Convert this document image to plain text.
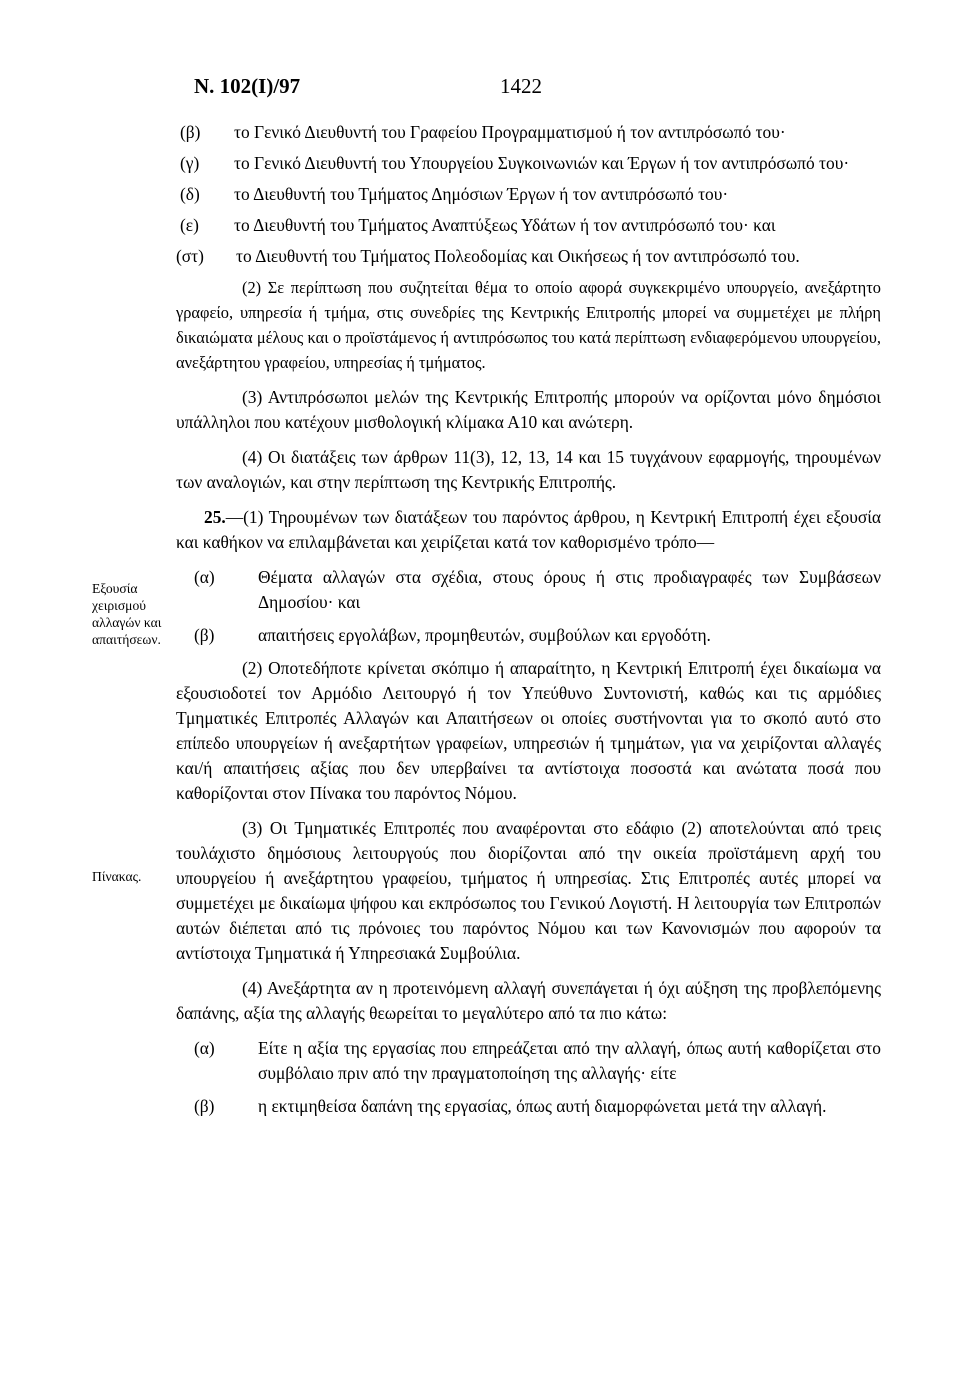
Ν. 102(Ι)/97	1422
Εξουσία χειρισμού αλλαγών και απαιτήσεων.
Πίνακας.
(β)	το Γενικό Διευθυντή του Γραφείου Προγραμματισμού ή τον αντιπρόσωπό του·
(γ)	το Γενικό Διευθυντή του Υπουργείου Συγκοινωνιών και Έργων ή τον αντιπρόσωπό του·
(δ)	το Διευθυντή του Τμήματος Δημόσιων Έργων ή τον αντιπρόσωπό του·
(ε)	το Διευθυντή του Τμήματος Αναπτύξεως Υδάτων ή τον αντιπρόσωπό του· και
(στ)	το Διευθυντή του Τμήματος Πολεοδομίας και Οικήσεως ή τον αντιπρόσωπό του.

(2) Σε περίπτωση που συζητείται θέμα το οποίο αφορά συγκεκριμένο υπουργείο, ανεξάρτητο γραφείο, υπηρεσία ή τμήμα, στις συνεδρίες της Κεντρικής Επιτροπής μπορεί να συμμετέχει με πλήρη δικαιώματα μέλους και ο προϊστάμενος ή αντιπρόσωπος του κατά περίπτωση ενδιαφερόμενου υπουργείου, ανεξάρτητου γραφείου, υπηρεσίας ή τμήματος.

(3) Αντιπρόσωποι μελών της Κεντρικής Επιτροπής μπορούν να ορίζονται μόνο δημόσιοι υπάλληλοι που κατέχουν μισθολογική κλίμακα Α10 και ανώτερη.

(4) Οι διατάξεις των άρθρων 11(3), 12, 13, 14 και 15 τυγχάνουν εφαρμογής, τηρουμένων των αναλογιών, και στην περίπτωση της Κεντρικής Επιτροπής.

25.—(1) Τηρουμένων των διατάξεων του παρόντος άρθρου, η Κεντρική Επιτροπή έχει εξουσία και καθήκον να επιλαμβάνεται και χειρίζεται κατά τον καθορισμένο τρόπο—

(α)	Θέματα αλλαγών στα σχέδια, στους όρους ή στις προδιαγραφές των Συμβάσεων Δημοσίου· και
(β)	απαιτήσεις εργολάβων, προμηθευτών, συμβούλων και εργοδότη.

(2) Οποτεδήποτε κρίνεται σκόπιμο ή απαραίτητο, η Κεντρική Επιτροπή έχει δικαίωμα να εξουσιοδοτεί τον Αρμόδιο Λειτουργό ή τον Υπεύθυνο Συντονιστή, καθώς και τις αρμόδιες Τμηματικές Επιτροπές Αλλαγών και Απαιτήσεων οι οποίες συστήνονται για το σκοπό αυτό στο επίπεδο υπουργείων ή ανεξαρτήτων γραφείων, υπηρεσιών ή τμημάτων, για να χειρίζονται αλλαγές και/ή απαιτήσεις αξίας που δεν υπερβαίνει τα αντίστοιχα ποσοστά και ανώτατα ποσά που καθορίζονται στον Πίνακα του παρόντος Νόμου.

(3) Οι Τμηματικές Επιτροπές που αναφέρονται στο εδάφιο (2) αποτελούνται από τρεις τουλάχιστο δημόσιους λειτουργούς που διορίζονται από την οικεία προϊστάμενη αρχή του υπουργείου ή ανεξάρτητου γραφείου, τμήματος ή υπηρεσίας. Στις Επιτροπές αυτές μπορεί να συμμετέχει με δικαίωμα ψήφου και εκπρόσωπος του Γενικού Λογιστή. Η λειτουργία των Επιτροπών αυτών διέπεται από τις πρόνοιες του παρόντος Νόμου και των Κανονισμών που αφορούν τα αντίστοιχα Τμηματικά ή Υπηρεσιακά Συμβούλια.

(4) Ανεξάρτητα αν η προτεινόμενη αλλαγή συνεπάγεται ή όχι αύξηση της προβλεπόμενης δαπάνης, αξία της αλλαγής θεωρείται το μεγαλύτερο από τα πιο κάτω:

(α)	Είτε η αξία της εργασίας που επηρεάζεται από την αλλαγή, όπως αυτή καθορίζεται στο συμβόλαιο πριν από την πραγματοποίηση της αλλαγής· είτε
(β)	η εκτιμηθείσα δαπάνη της εργασίας, όπως αυτή διαμορφώνεται μετά την αλλαγή.
